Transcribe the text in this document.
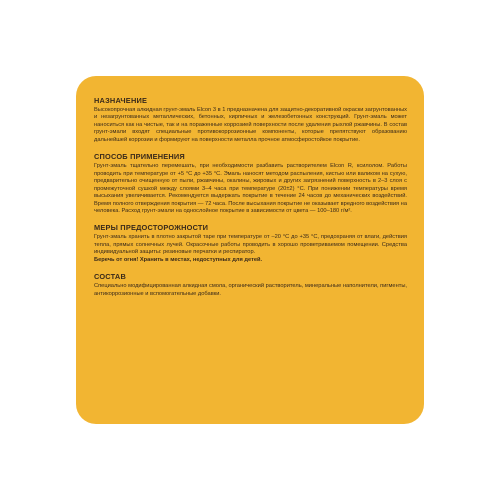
НАЗНАЧЕНИЕ

Высокопрочная алкидная грунт-эмаль Elcon 3 в 1 предназначена для защитно-декоративной окраски загрунтованных и незагрунтованных металлических, бетонных, кирпичных и железобетонных конструкций. Грунт-эмаль может наноситься как на чистые, так и на пораженные коррозией поверхности после удаления рыхлой ржавчины. В состав грунт-эмали входят специальные противокоррозионные компоненты, которые препятствуют образованию дальнейшей коррозии и формируют на поверхности металла прочное атмосферостойкое покрытие.

СПОСОБ ПРИМЕНЕНИЯ

Грунт-эмаль тщательно перемешать, при необходимости разбавить растворителем Elcon R, ксилолом. Работы проводить при температуре от +5 °С до +35 °С. Эмаль наносят методом распыления, кистью или валиком на сухую, предварительно очищенную от пыли, ржавчины, окалины, жировых и других загрязнений поверхность в 2–3 слоя с промежуточной сушкой между слоями 3–4 часа при температуре (20±2) °С. При понижении температуры время высыхания увеличивается. Рекомендуется выдержать покрытие в течение 24 часов до механических воздействий. Время полного отверждения покрытия — 72 часа. После высыхания покрытие не оказывает вредного воздействия на человека. Расход грунт-эмали на однослойное покрытие в зависимости от цвета — 100–180 г/м².

МЕРЫ ПРЕДОСТОРОЖНОСТИ

Грунт-эмаль хранить в плотно закрытой таре при температуре от –20 °С до +35 °С, предохраняя от влаги, действия тепла, прямых солнечных лучей. Окрасочные работы проводить в хорошо проветриваемом помещении. Средства индивидуальной защиты: резиновые перчатки и респиратор.

Беречь от огня! Хранить в местах, недоступных для детей.

СОСТАВ

Специально модифицированная алкидная смола, органический растворитель, минеральные наполнители, пигменты, антикоррозионные и вспомогательные добавки.
